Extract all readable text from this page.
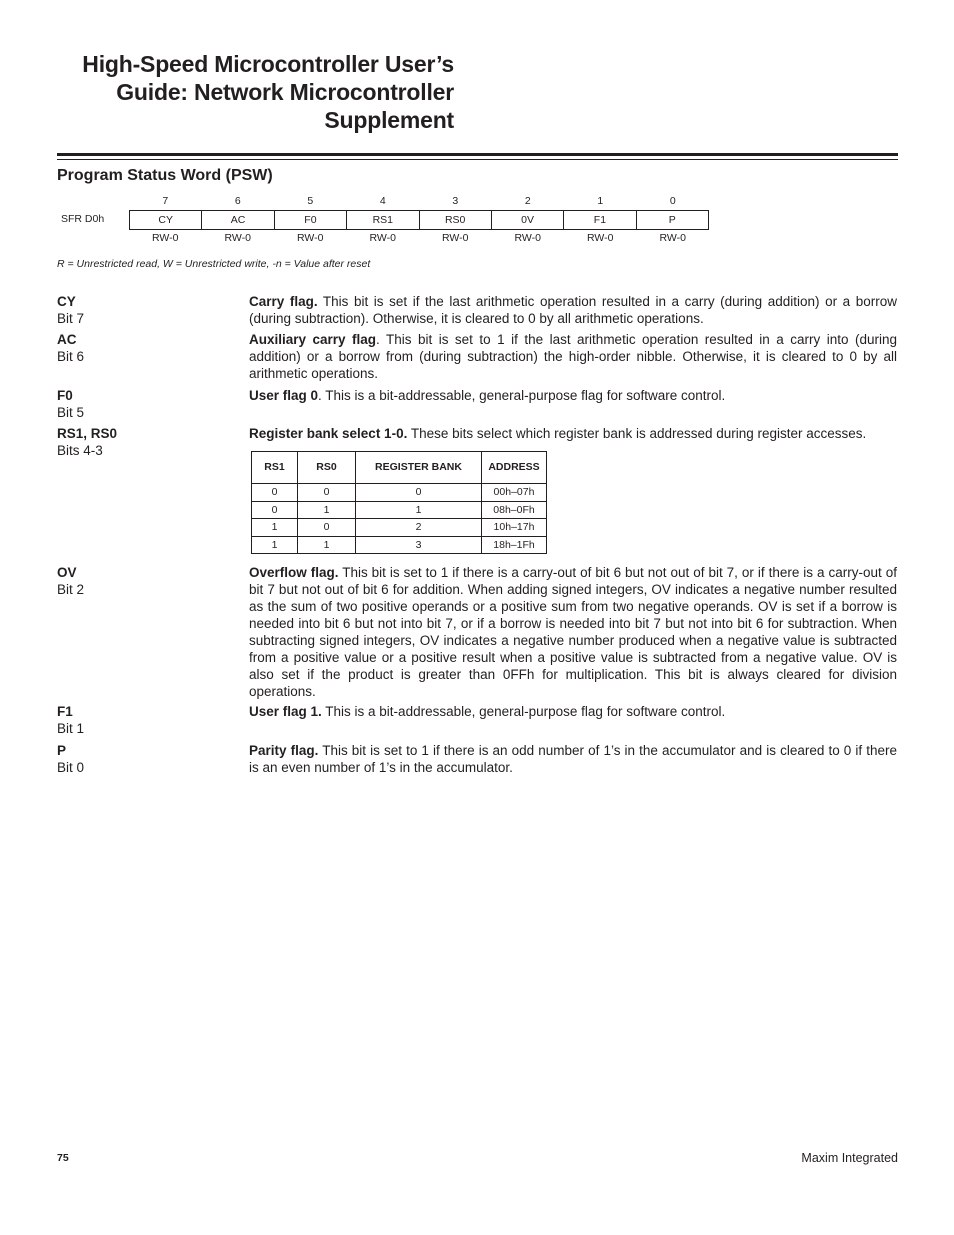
High-Speed Microcontroller User’s
Guide: Network Microcontroller
Supplement
Program Status Word (PSW)
7	6	5	4	3	2	1	0
SFR D0h	CY	AC	F0	RS1	RS0	0V	F1	P
RW-0	RW-0	RW-0	RW-0	RW-0	RW-0	RW-0	RW-0
R = Unrestricted read, W = Unrestricted write, -n = Value after reset
CY
Bit 7
Carry flag. This bit is set if the last arithmetic operation resulted in a carry (during addition) or a borrow (during subtraction). Otherwise, it is cleared to 0 by all arithmetic operations.
AC
Bit 6
Auxiliary carry flag. This bit is set to 1 if the last arithmetic operation resulted in a carry into (during addition) or a borrow from (during subtraction) the high-order nibble. Otherwise, it is cleared to 0 by all arithmetic operations.
F0
Bit 5
User flag 0. This is a bit-addressable, general-purpose flag for software control.
RS1, RS0
Bits 4-3
Register bank select 1-0. These bits select which register bank is addressed during register accesses.
RS1	RS0	REGISTER BANK	ADDRESS
0	0	0	00h–07h
0	1	1	08h–0Fh
1	0	2	10h–17h
1	1	3	18h–1Fh
OV
Bit 2
Overflow flag. This bit is set to 1 if there is a carry-out of bit 6 but not out of bit 7, or if there is a carry-out of bit 7 but not out of bit 6 for addition. When adding signed integers, OV indicates a negative number resulted as the sum of two positive operands or a positive sum from two negative operands. OV is set if a borrow is needed into bit 6 but not into bit 7, or if a borrow is needed into bit 7 but not into bit 6 for subtraction. When subtracting signed integers, OV indicates a negative number produced when a negative value is subtracted from a positive value or a positive result when a positive value is subtracted from a negative value. OV is also set if the product is greater than 0FFh for multiplication. This bit is always cleared for division operations.
F1
Bit 1
User flag 1. This is a bit-addressable, general-purpose flag for software control.
P
Bit 0
Parity flag. This bit is set to 1 if there is an odd number of 1’s in the accumulator and is cleared to 0 if there is an even number of 1’s in the accumulator.
75	Maxim Integrated
